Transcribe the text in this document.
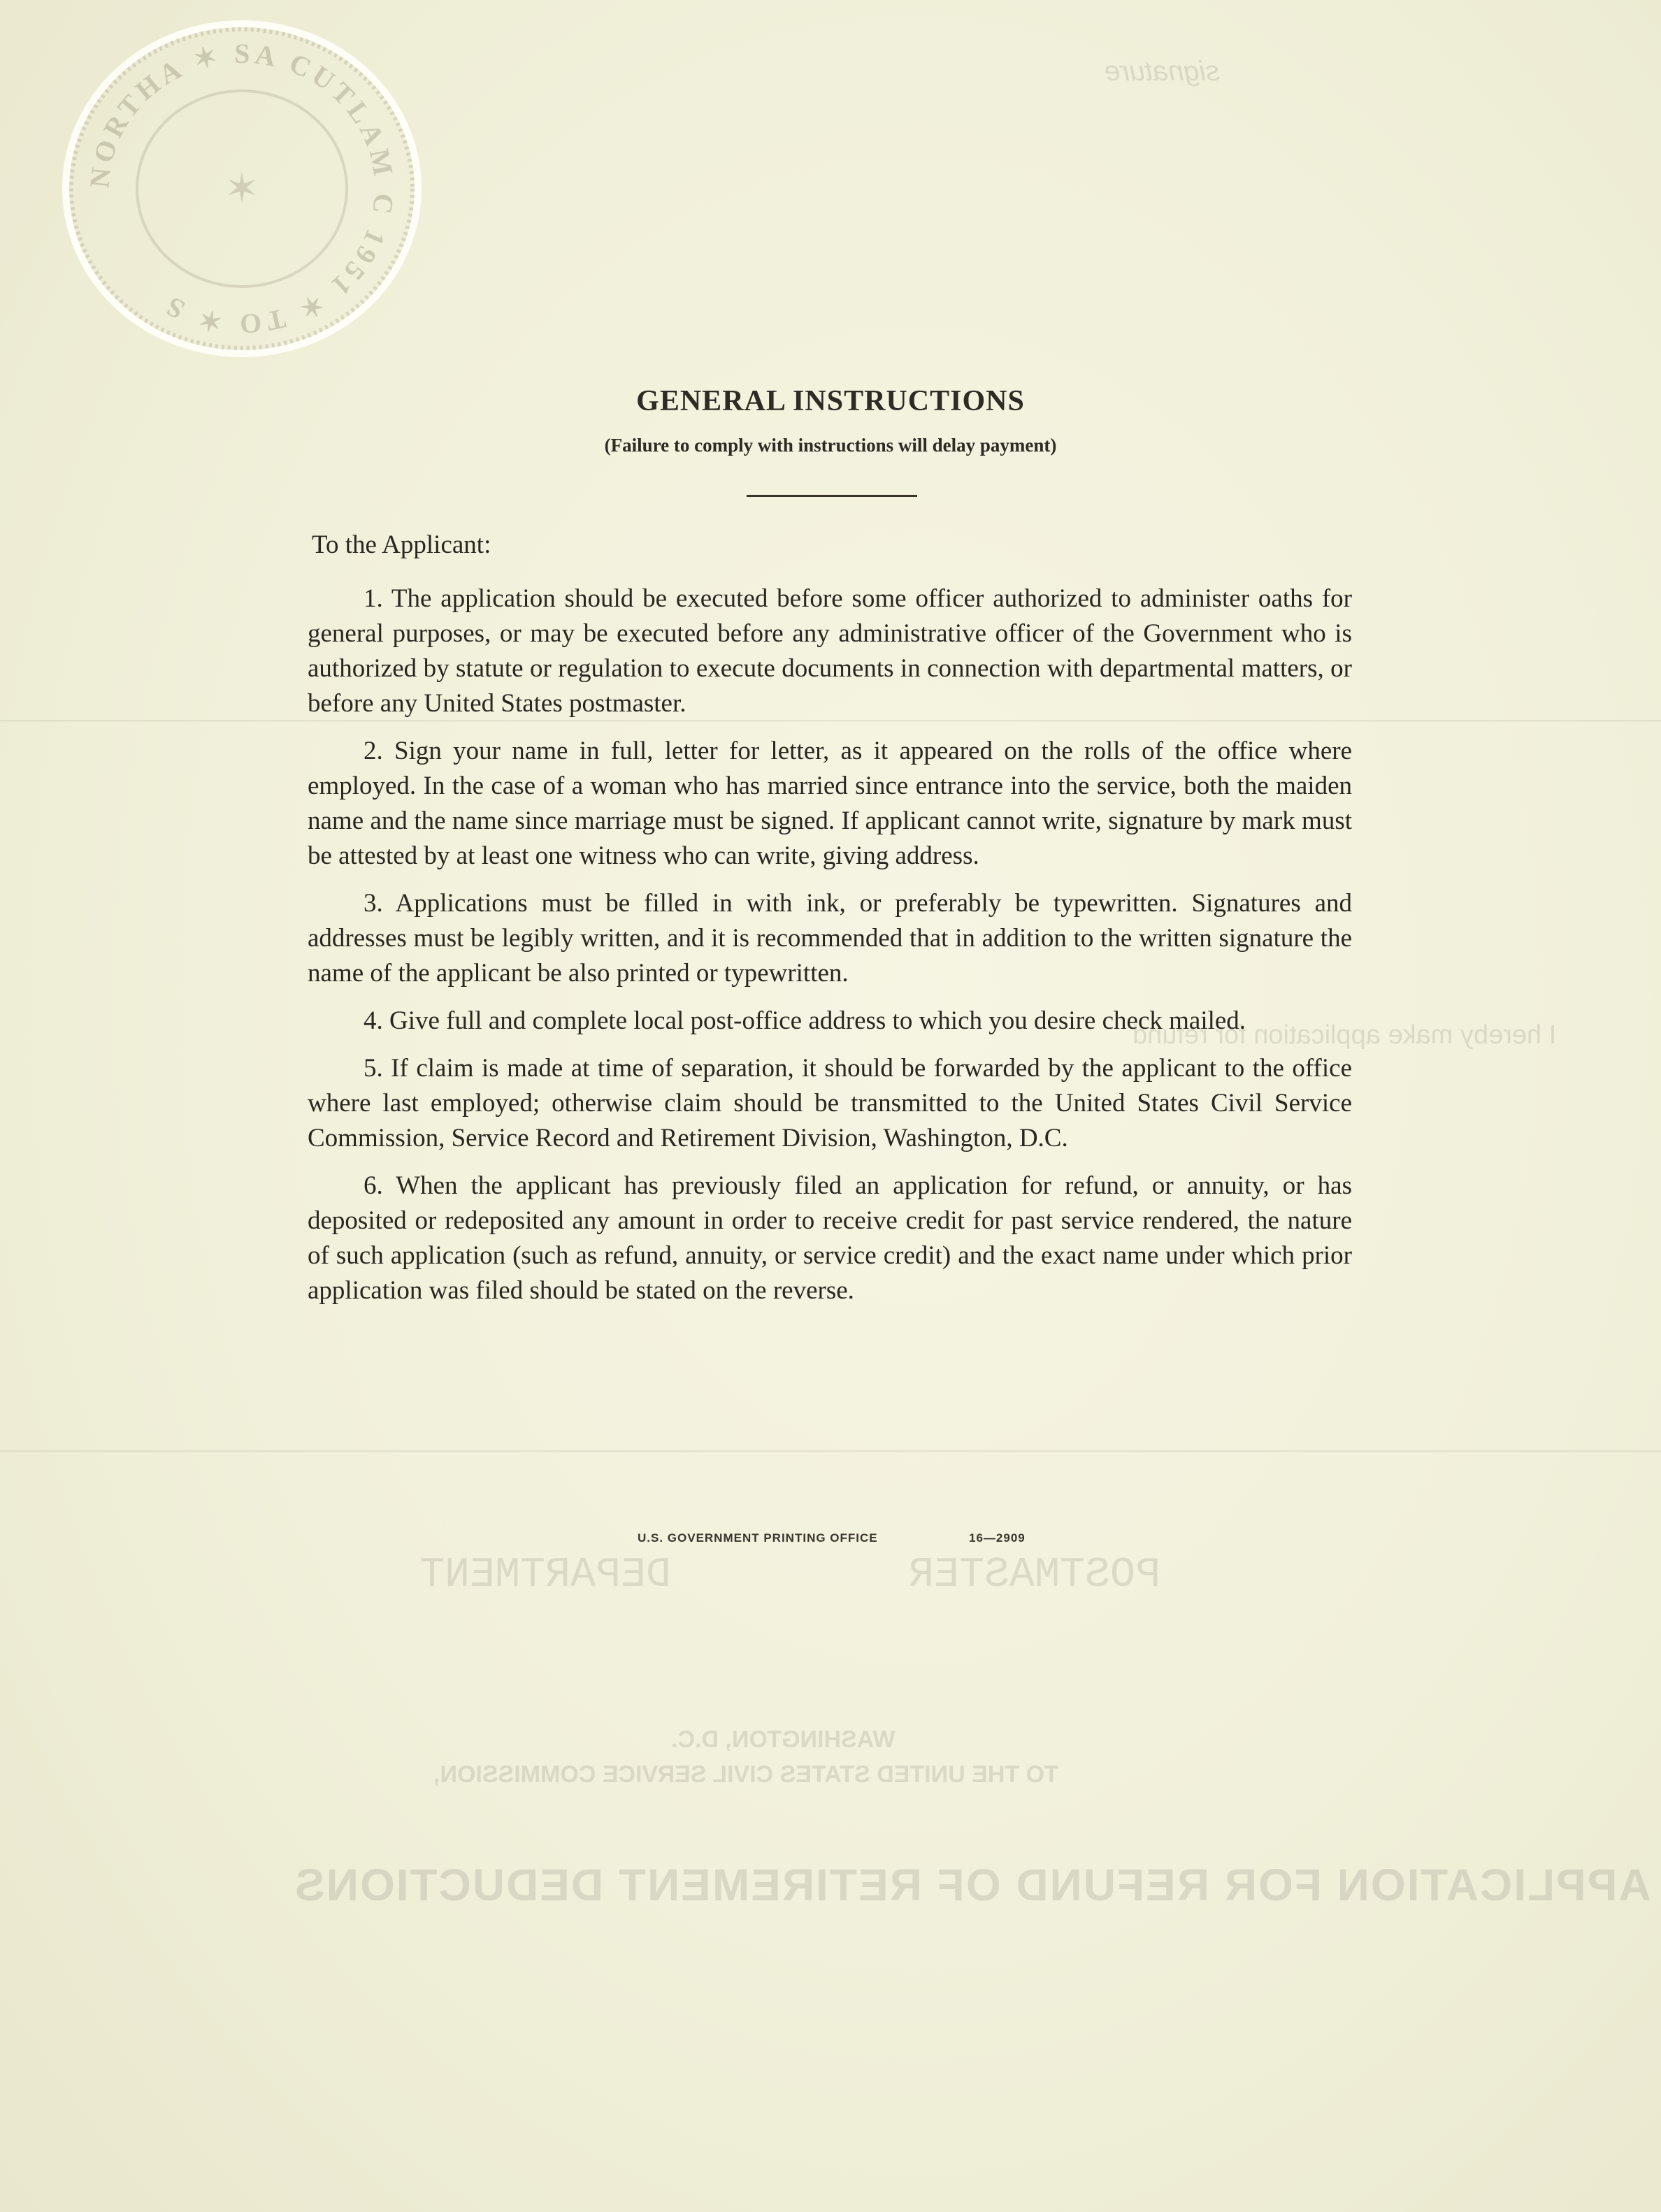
APPLICATION FOR REFUND OF RETIREMENT DEDUCTIONS
TO THE UNITED STATES CIVIL SERVICE COMMISSION,
WASHINGTON, D.C.
DEPARTMENT	POSTMASTER
I hereby make application for refund
signature
NORTHA ✶ SA CUTLAM C 1951 ✶ TO ✶ S
✶
GENERAL INSTRUCTIONS
(Failure to comply with instructions will delay payment)
To the Applicant:

1. The application should be executed before some officer authorized to administer oaths for general purposes, or may be executed before any administrative officer of the Government who is authorized by statute or regulation to execute documents in connection with departmental matters, or before any United States postmaster.

2. Sign your name in full, letter for letter, as it appeared on the rolls of the office where employed. In the case of a woman who has married since entrance into the service, both the maiden name and the name since marriage must be signed. If applicant cannot write, signature by mark must be attested by at least one witness who can write, giving address.

3. Applications must be filled in with ink, or preferably be typewritten. Signatures and addresses must be legibly written, and it is recommended that in addition to the written signature the name of the applicant be also printed or typewritten.

4. Give full and complete local post-office address to which you desire check mailed.

5. If claim is made at time of separation, it should be forwarded by the applicant to the office where last employed; otherwise claim should be transmitted to the United States Civil Service Commission, Service Record and Retirement Division, Washington, D.C.

6. When the applicant has previously filed an application for refund, or annuity, or has deposited or redeposited any amount in order to receive credit for past service rendered, the nature of such application (such as refund, annuity, or service credit) and the exact name under which prior application was filed should be stated on the reverse.

U.S. GOVERNMENT PRINTING OFFICE	16—2909
